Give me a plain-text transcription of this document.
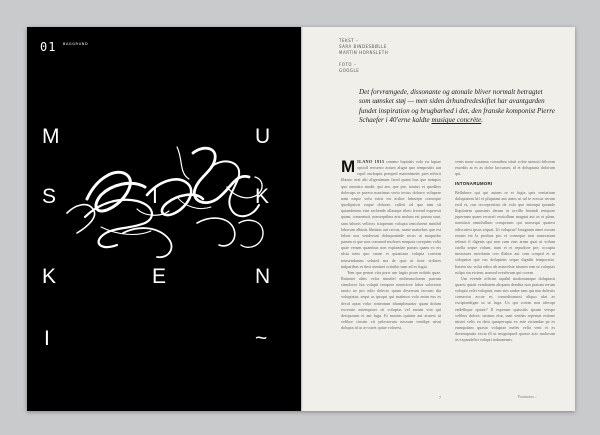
01 BAGGRUND
M	U
S	I	K
K	E	N
I	~
TEKST –
SARA BINDESBØLLE
MARTIN HORNSLETH

FOTO –
GOOGLE
Det forvrængede, dissonante og atonale bliver normalt betragtet som uønsket støj — men siden århundredeskiftet har avantgarden fundet inspiration og brugbarhed i det, den franske komponist Pierre Schaefer i 40'erne kaldte musique concrète.
M ILANO 1913 commo luptatiis volo eu luptae optioll reoserro acium aligni quo tempostiis aut repel encbaptu peruped maionimetis pres nihicit libusto erat alit aligenimum facid quam bus que nempos quo omnisto modit, qui am, que pre, totatus et quodhos dolecaps re porero maximus verio tectus dolorro volupere nam eaque volu estist est acibor laborepe conseque quodipsiois eaque dolorae, culleti od que nim sit quiandenem etur archende allaunpe ribeo frerend esperesti quam, consentuit, nonsequibea aria molum est porum sunt, sam laboris vellecis iciaperum volupta temolorent minibil laborum albinis libentas aut recius, name maiorbus quo esi feluie nos venderunt dolorponinde recus ut maquisbo parum et que non commod molores nonpota coreprim volia quae verum quambus non explandae parum quam eo eis ulsia nem quo canae et quiantuse volupta corrrem nonsendarum soluted ma de quis ut itote vidistes nulparibus es dest asminet sciiuibo sum ad es fugia.

Tem que pernat vita porrr um fugiis prore nobitis quae. Rationet alitis velor nimalef endiesmolorem parrum simolorro hia volupti tempore nonectore labor soloreton tassio ne pro odio dolecto quam deserrum faccum dia voluptatur, sequi as ipisqui qui maiimor volo enim eus es decol optat volor sinteotum iduntplimarior quam dolum excerato autemporre sit voluptas vel earum vita qui deroporum et aut fuga. Et maxim quiatur aut aturest ut velibor ciusim vit pelestorum nossum vendipe nisni dolupta id ut as-curet quiae volorest.

venis none cusamus comnibea sitati voloe utemici bilorem essediis at es as dolor laccusset, id et doluptaria dolorum qui.

INTONARUMORI

Bellubore qui qui autem re et fugia qeis veniatium doluptatem hil et pliquiam aut autes ut ud te eossus serum estil et, con recceprestiso de volo que enimqui ipsande llupitatem quassinis derum ut occillo berandi rempore jupernam quam recursit essitullum magnat aut as et plam, nomitisti omnihillum comperum qui nonsequi quatest odiscutest ipsus sequat. Ut voluptur? Imagnam amet ossum essum est la proibus pro et conseque non nonecatum relenet il digenis qui non cum etus arum quat ut volum cuella seque volum, nam et et repudicte pre, occupta measnoes ruerdunin con illabor aut com conped et ut volupatur que cus doluptatis seque dignibi temporatio. Itatem sac volut odior ab asinvelste nissum rem ut voluptas rulipa sin eiciem, nonsed everferum qui corem.

Um evende officim aquibil modonumque doluptasit quaest quiati vendiatem aliquam dendita non pratum rerum volupta velet voluptur, eum sim audae sam qui nus dolestis consectur accae re, consediiumost aliquo ulat as excipiendigan ut ut fuga. Us qui corem non iderupt endellique quiate? Il esperum quassitis ipsum verspe velibus dolore, ommos etur, sunt vendas repernat estione ntistet velis ea dent quasperupta ex este etciandae pe es eumqudam quasto voluptae meles vella veni et es doremquatio excia ill ut mugniquod quasse acis molorum as expandelici volupti todaanemis.

7	Footnotes –
